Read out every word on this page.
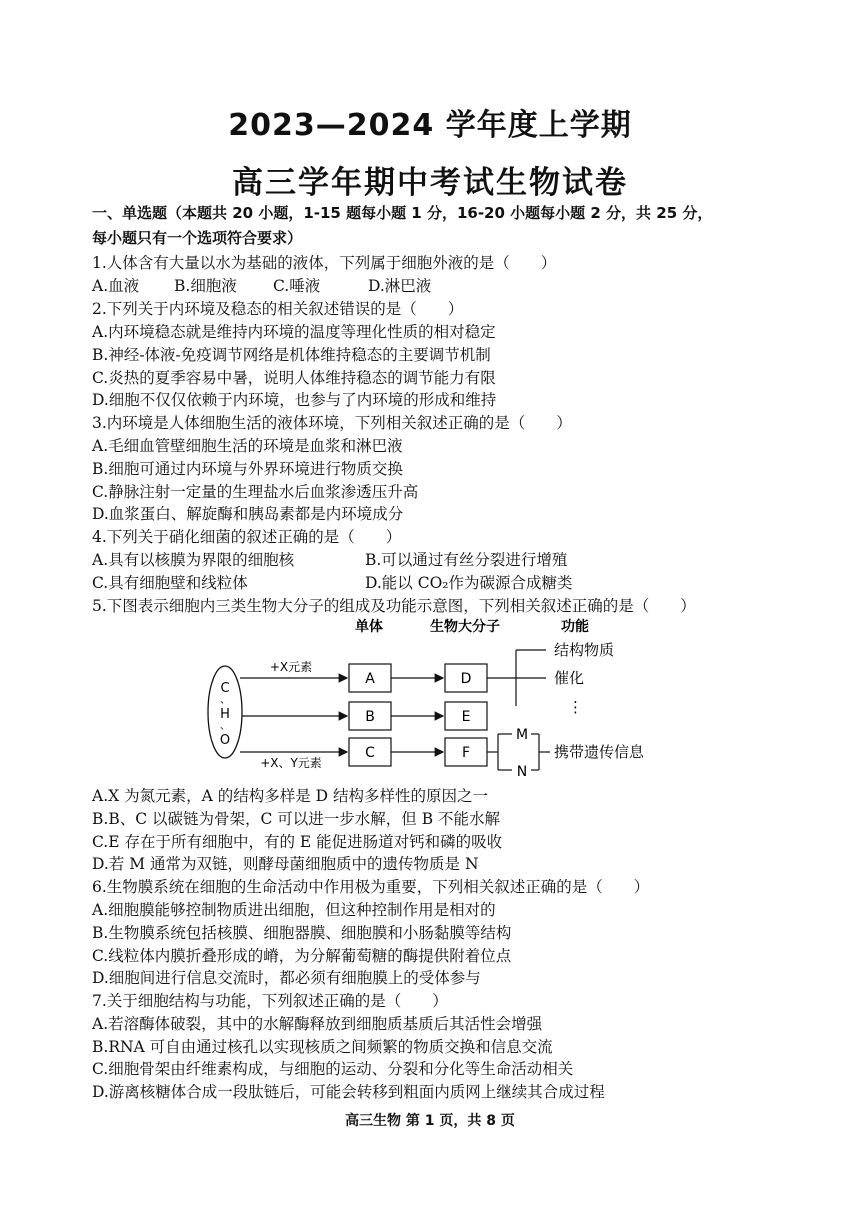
2023—2024 学年度上学期
高三学年期中考试生物试卷
一、单选题（本题共 20 小题，1-15 题每小题 1 分，16-20 小题每小题 2 分，共 25 分，
每小题只有一个选项符合要求）
1.人体含有大量以水为基础的液体，下列属于细胞外液的是（　　）
A.血液 B.细胞液 C.唾液	D.淋巴液
2.下列关于内环境及稳态的相关叙述错误的是（　　）
A.内环境稳态就是维持内环境的温度等理化性质的相对稳定
B.神经-体液-免疫调节网络是机体维持稳态的主要调节机制
C.炎热的夏季容易中暑，说明人体维持稳态的调节能力有限
D.细胞不仅仅依赖于内环境，也参与了内环境的形成和维持
3.内环境是人体细胞生活的液体环境，下列相关叙述正确的是（　　）
A.毛细血管壁细胞生活的环境是血浆和淋巴液
B.细胞可通过内环境与外界环境进行物质交换
C.静脉注射一定量的生理盐水后血浆渗透压升高
D.血浆蛋白、解旋酶和胰岛素都是内环境成分
4.下列关于硝化细菌的叙述正确的是（　　）
A.具有以核膜为界限的细胞核	B.可以通过有丝分裂进行增殖
C.具有细胞壁和线粒体	D.能以 CO₂作为碳源合成糖类
5.下图表示细胞内三类生物大分子的组成及功能示意图，下列相关叙述正确的是（　　）
单体	生物大分子	功能
C
、
H
、
O
+X元素
A	D
结构物质
催化
⋮
B	E
+X、Y元素
C	F
M
N
携带遗传信息
A.X 为氮元素，A 的结构多样是 D 结构多样性的原因之一
B.B、C 以碳链为骨架，C 可以进一步水解，但 B 不能水解
C.E 存在于所有细胞中，有的 E 能促进肠道对钙和磷的吸收
D.若 M 通常为双链，则酵母菌细胞质中的遗传物质是 N
6.生物膜系统在细胞的生命活动中作用极为重要，下列相关叙述正确的是（　　）
A.细胞膜能够控制物质进出细胞，但这种控制作用是相对的
B.生物膜系统包括核膜、细胞器膜、细胞膜和小肠黏膜等结构
C.线粒体内膜折叠形成的嵴，为分解葡萄糖的酶提供附着位点
D.细胞间进行信息交流时，都必须有细胞膜上的受体参与
7.关于细胞结构与功能，下列叙述正确的是（　　）
A.若溶酶体破裂，其中的水解酶释放到细胞质基质后其活性会增强
B.RNA 可自由通过核孔以实现核质之间频繁的物质交换和信息交流
C.细胞骨架由纤维素构成，与细胞的运动、分裂和分化等生命活动相关
D.游离核糖体合成一段肽链后，可能会转移到粗面内质网上继续其合成过程
高三生物 第 1 页，共 8 页
